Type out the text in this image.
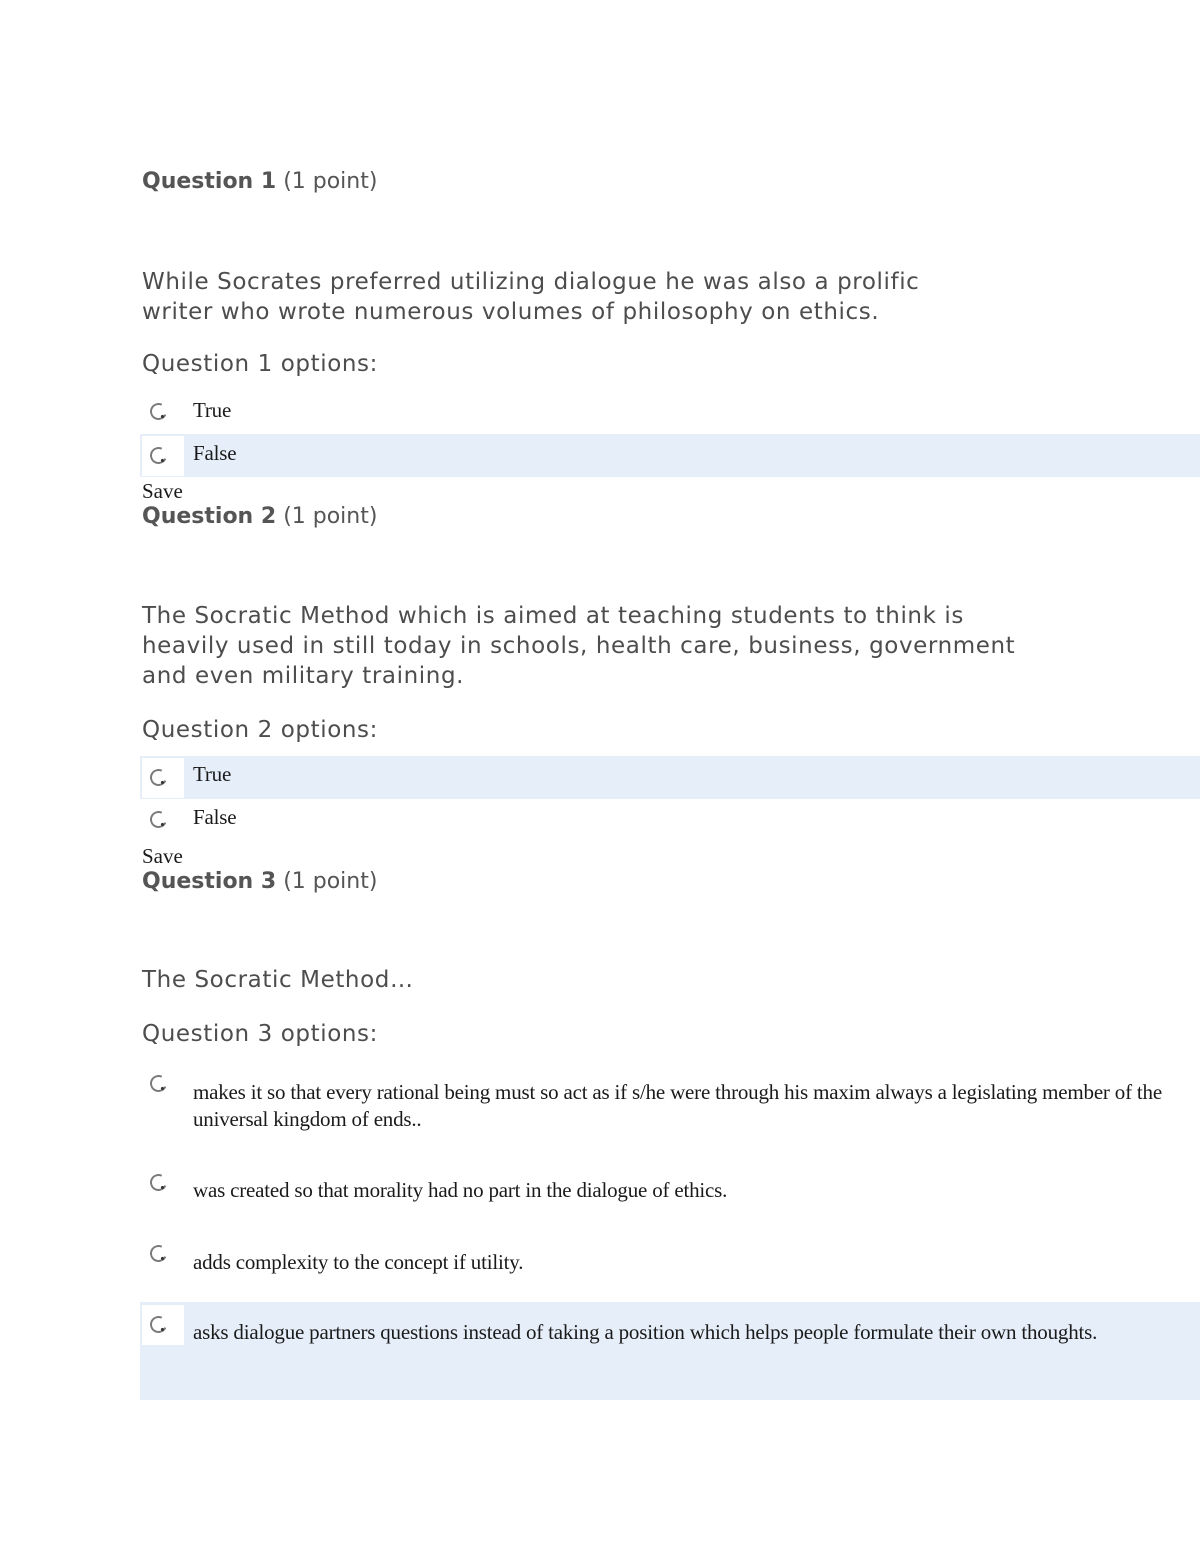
Question 1 (1 point)
While Socrates preferred utilizing dialogue he was also a prolific writer who wrote numerous volumes of philosophy on ethics.
Question 1 options:
True
False
Save
Question 2 (1 point)
The Socratic Method which is aimed at teaching students to think is heavily used in still today in schools, health care, business, government and even military training.
Question 2 options:
True
False
Save
Question 3 (1 point)
The Socratic Method…
Question 3 options:
makes it so that every rational being must so act as if s/he were through his maxim always a legislating member of the universal kingdom of ends..
was created so that morality had no part in the dialogue of ethics.
adds complexity to the concept if utility.
asks dialogue partners questions instead of taking a position which helps people formulate their own thoughts.
